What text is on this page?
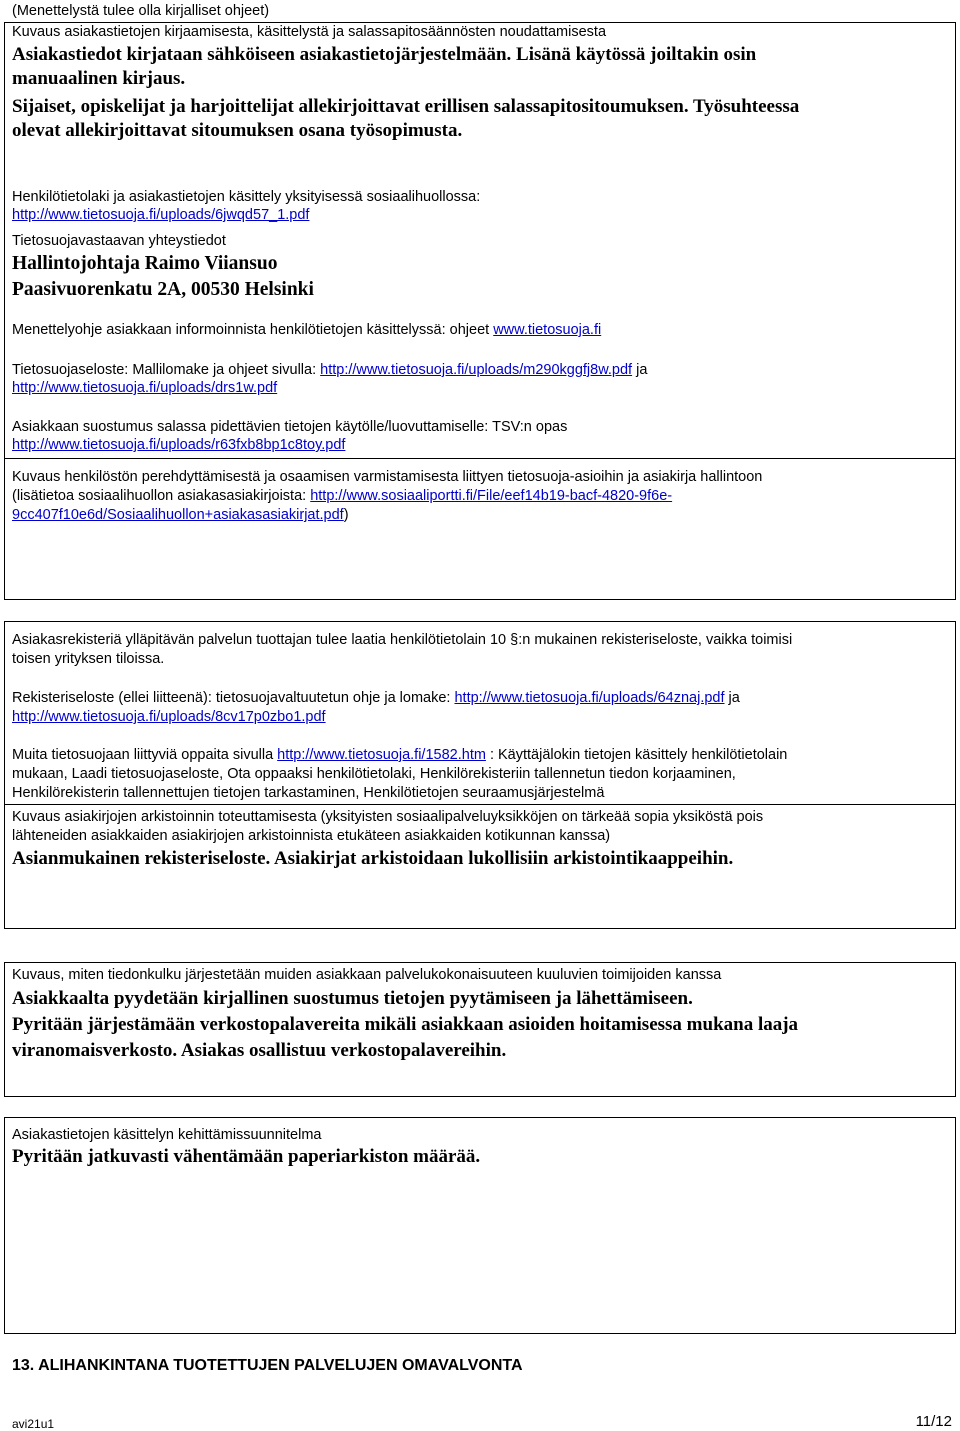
(Menettelystä tulee olla kirjalliset ohjeet)
Kuvaus asiakastietojen kirjaamisesta, käsittelystä ja salassapitosäännösten noudattamisesta

Asiakastiedot kirjataan sähköiseen asiakastietojärjestelmään. Lisänä käytössä joiltakin osin

manuaalinen kirjaus.

Sijaiset, opiskelijat ja harjoittelijat allekirjoittavat erillisen salassapitositoumuksen. Työsuhteessa

olevat allekirjoittavat sitoumuksen osana työsopimusta.

Henkilötietolaki ja asiakastietojen käsittely yksityisessä sosiaalihuollossa:
http://www.tietosuoja.fi/uploads/6jwqd57_1.pdf
Tietosuojavastaavan yhteystiedot
Hallintojohtaja Raimo Viiansuo
Paasivuorenkatu 2A, 00530 Helsinki
Menettelyohje asiakkaan informoinnista henkilötietojen käsittelyssä: ohjeet www.tietosuoja.fi
Tietosuojaseloste: Mallilomake ja ohjeet sivulla: http://www.tietosuoja.fi/uploads/m290kggfj8w.pdf ja
http://www.tietosuoja.fi/uploads/drs1w.pdf
Asiakkaan suostumus salassa pidettävien tietojen käytölle/luovuttamiselle: TSV:n opas
http://www.tietosuoja.fi/uploads/r63fxb8bp1c8toy.pdf
Kuvaus henkilöstön perehdyttämisestä ja osaamisen varmistamisesta liittyen tietosuoja-asioihin ja asiakirja hallintoon
(lisätietoa sosiaalihuollon asiakasasiakirjoista: http://www.sosiaaliportti.fi/File/eef14b19-bacf-4820-9f6e-
9cc407f10e6d/Sosiaalihuollon+asiakasasiakirjat.pdf)
Asiakasrekisteriä ylläpitävän palvelun tuottajan tulee laatia henkilötietolain 10 §:n mukainen rekisteriseloste, vaikka toimisi
toisen yrityksen tiloissa.
Rekisteriseloste (ellei liitteenä): tietosuojavaltuutetun ohje ja lomake: http://www.tietosuoja.fi/uploads/64znaj.pdf ja
http://www.tietosuoja.fi/uploads/8cv17p0zbo1.pdf
Muita tietosuojaan liittyviä oppaita sivulla http://www.tietosuoja.fi/1582.htm : Käyttäjälokin tietojen käsittely henkilötietolain
mukaan, Laadi tietosuojaseloste, Ota oppaaksi henkilötietolaki, Henkilörekisteriin tallennetun tiedon korjaaminen,
Henkilörekisterin tallennettujen tietojen tarkastaminen, Henkilötietojen seuraamusjärjestelmä
Kuvaus asiakirjojen arkistoinnin toteuttamisesta (yksityisten sosiaalipalveluyksikköjen on tärkeää sopia yksiköstä pois
lähteneiden asiakkaiden asiakirjojen arkistoinnista etukäteen asiakkaiden kotikunnan kanssa)
Asianmukainen rekisteriseloste. Asiakirjat arkistoidaan lukollisiin arkistointikaappeihin.
Kuvaus, miten tiedonkulku järjestetään muiden asiakkaan palvelukokonaisuuteen kuuluvien toimijoiden kanssa

Asiakkaalta pyydetään kirjallinen suostumus tietojen pyytämiseen ja lähettämiseen.

Pyritään järjestämään verkostopalavereita mikäli asiakkaan asioiden hoitamisessa mukana laaja

viranomaisverkosto. Asiakas osallistuu verkostopalavereihin.

Asiakastietojen käsittelyn kehittämissuunnitelma
Pyritään jatkuvasti vähentämään paperiarkiston määrää.
13. ALIHANKINTANA TUOTETTUJEN PALVELUJEN OMAVALVONTA
avi21u1	11/12
